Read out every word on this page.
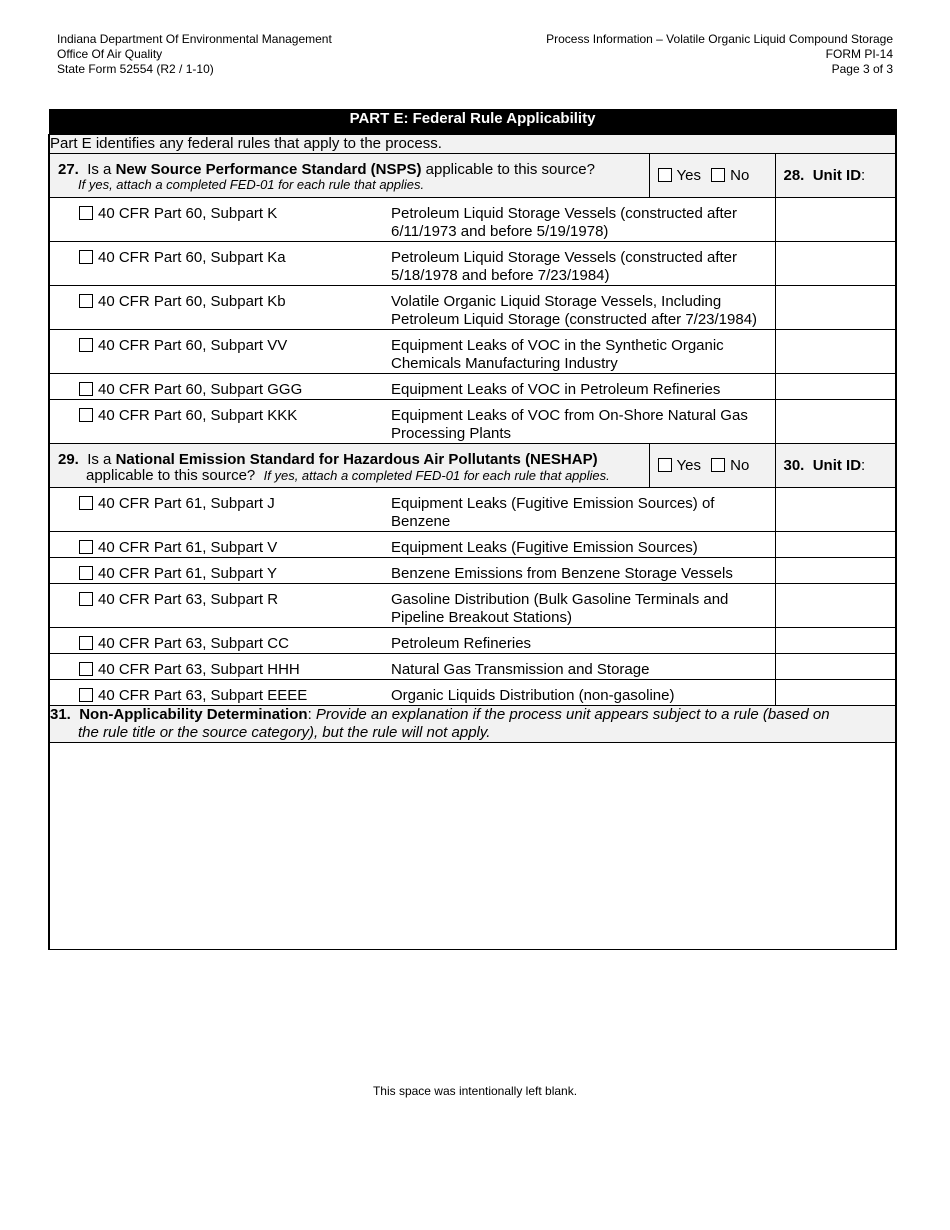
Indiana Department Of Environmental Management
Office Of Air Quality
State Form 52554 (R2 / 1-10)
Process Information – Volatile Organic Liquid Compound Storage
FORM PI-14
Page 3 of 3
PART E: Federal Rule Applicability			
Part E identifies any federal rules that apply to the process.			

27. Is a New Source Performance Standard (NSPS) applicable to this source?
If yes, attach a completed FED-01 for each rule that applies.		Yes No	28. Unit ID:
40 CFR Part 60, Subpart K	Petroleum Liquid Storage Vessels (constructed after 6/11/1973 and before 5/19/1978)		
40 CFR Part 60, Subpart Ka	Petroleum Liquid Storage Vessels (constructed after 5/18/1978 and before 7/23/1984)		
40 CFR Part 60, Subpart Kb	Volatile Organic Liquid Storage Vessels, Including Petroleum Liquid Storage (constructed after 7/23/1984)		
40 CFR Part 60, Subpart VV	Equipment Leaks of VOC in the Synthetic Organic Chemicals Manufacturing Industry		
40 CFR Part 60, Subpart GGG	Equipment Leaks of VOC in Petroleum Refineries		
40 CFR Part 60, Subpart KKK	Equipment Leaks of VOC from On-Shore Natural Gas Processing Plants		

29. Is a National Emission Standard for Hazardous Air Pollutants (NESHAP)
applicable to this source? If yes, attach a completed FED-01 for each rule that applies.		Yes No	30. Unit ID:
40 CFR Part 61, Subpart J	Equipment Leaks (Fugitive Emission Sources) of Benzene		
40 CFR Part 61, Subpart V	Equipment Leaks (Fugitive Emission Sources)		
40 CFR Part 61, Subpart Y	Benzene Emissions from Benzene Storage Vessels		
40 CFR Part 63, Subpart R	Gasoline Distribution (Bulk Gasoline Terminals and Pipeline Breakout Stations)		
40 CFR Part 63, Subpart CC	Petroleum Refineries		
40 CFR Part 63, Subpart HHH	Natural Gas Transmission and Storage		
40 CFR Part 63, Subpart EEEE	Organic Liquids Distribution (non-gasoline)		

31. Non-Applicability Determination: Provide an explanation if the process unit appears subject to a rule (based on
the rule title or the source category), but the rule will not apply.			

This space was intentionally left blank.
